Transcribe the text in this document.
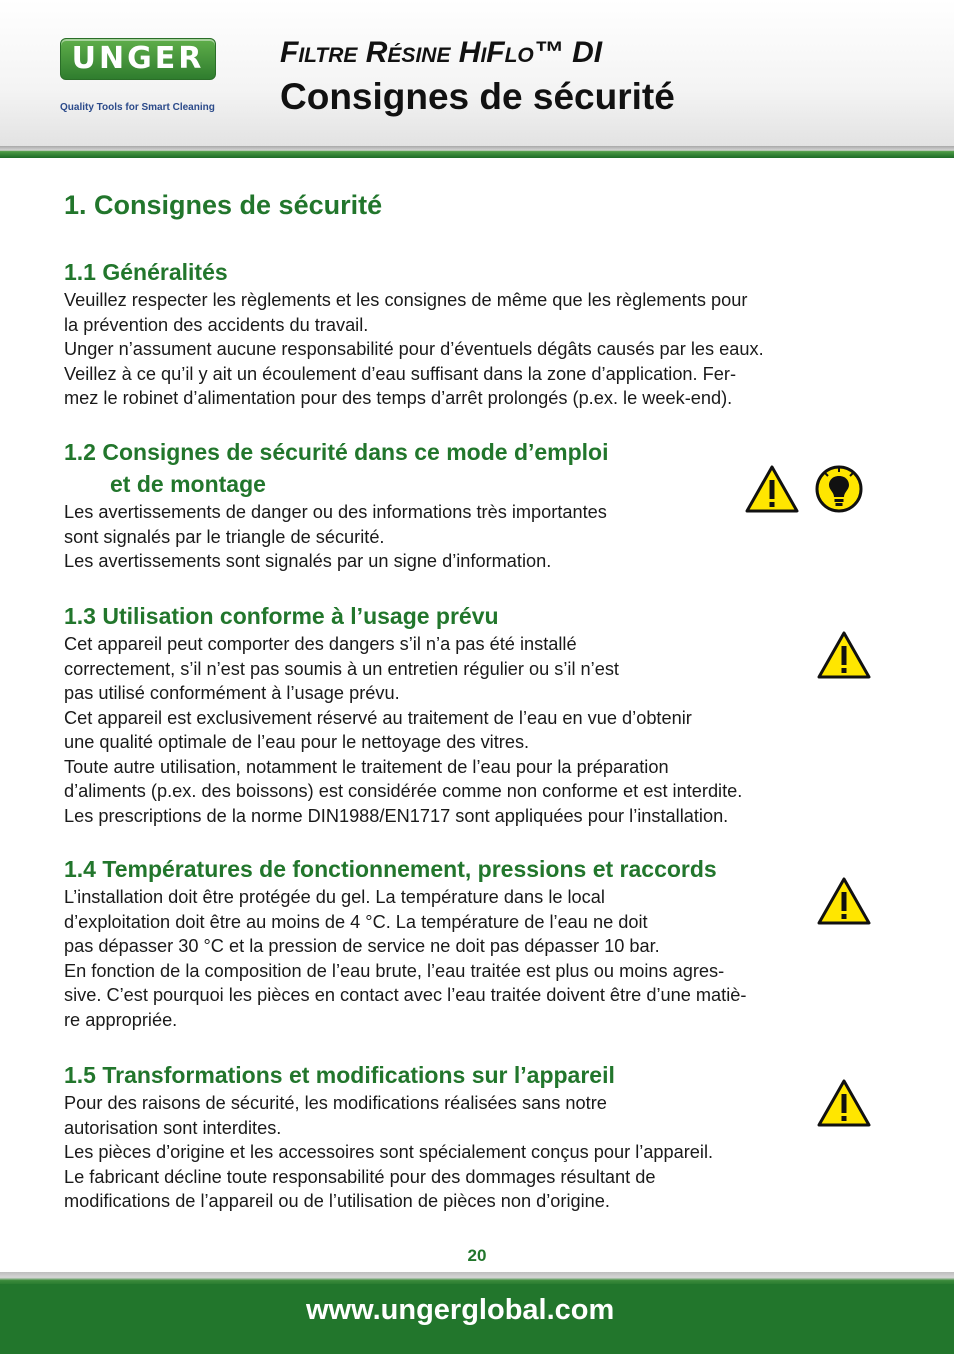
UNGER
Quality Tools for Smart Cleaning
Filtre Résine HiFlo™ DI
Consignes de sécurité
1. Consignes de sécurité

1.1 Généralités

Veuillez respecter les règlements et les consignes de même que les règlements pour

la prévention des accidents du travail.

Unger n’assument aucune responsabilité pour d’éventuels dégâts causés par les eaux.

Veillez à ce qu’il y ait un écoulement d’eau suffisant dans la zone d’application. Fer-

mez le robinet d’alimentation pour des temps d’arrêt prolongés (p.ex. le week-end).

1.2 Consignes de sécurité dans ce mode d’emploi
et de montage

Les avertissements de danger ou des informations très importantes

sont signalés par le triangle de sécurité.

Les avertissements sont signalés par un signe d’information.

1.3 Utilisation conforme à l’usage prévu

Cet appareil peut comporter des dangers s’il n’a pas été installé

correctement, s’il n’est pas soumis à un entretien régulier ou s’il n’est

pas utilisé conformément à l’usage prévu.

Cet appareil est exclusivement réservé au traitement de l’eau en vue d’obtenir

une qualité optimale de l’eau pour le nettoyage des vitres.

Toute autre utilisation, notamment le traitement de l’eau pour la préparation

d’aliments (p.ex. des boissons) est considérée comme non conforme et est interdite.

Les prescriptions de la norme DIN1988/EN1717 sont appliquées pour l’installation.

1.4 Températures de fonctionnement, pressions et raccords

L’installation doit être protégée du gel. La température dans le local

d’exploitation doit être au moins de 4 °C. La température de l’eau ne doit

pas dépasser 30 °C et la pression de service ne doit pas dépasser 10 bar.

En fonction de la composition de l’eau brute, l’eau traitée est plus ou moins agres-

sive. C’est pourquoi les pièces en contact avec l’eau traitée doivent être d’une matiè-

re appropriée.

1.5 Transformations et modifications sur l’appareil

Pour des raisons de sécurité, les modifications réalisées sans notre

autorisation sont interdites.

Les pièces d’origine et les accessoires sont spécialement conçus pour l’appareil.

Le fabricant décline toute responsabilité pour des dommages résultant de

modifications de l’appareil ou de l’utilisation de pièces non d’origine.

20
www.ungerglobal.com
